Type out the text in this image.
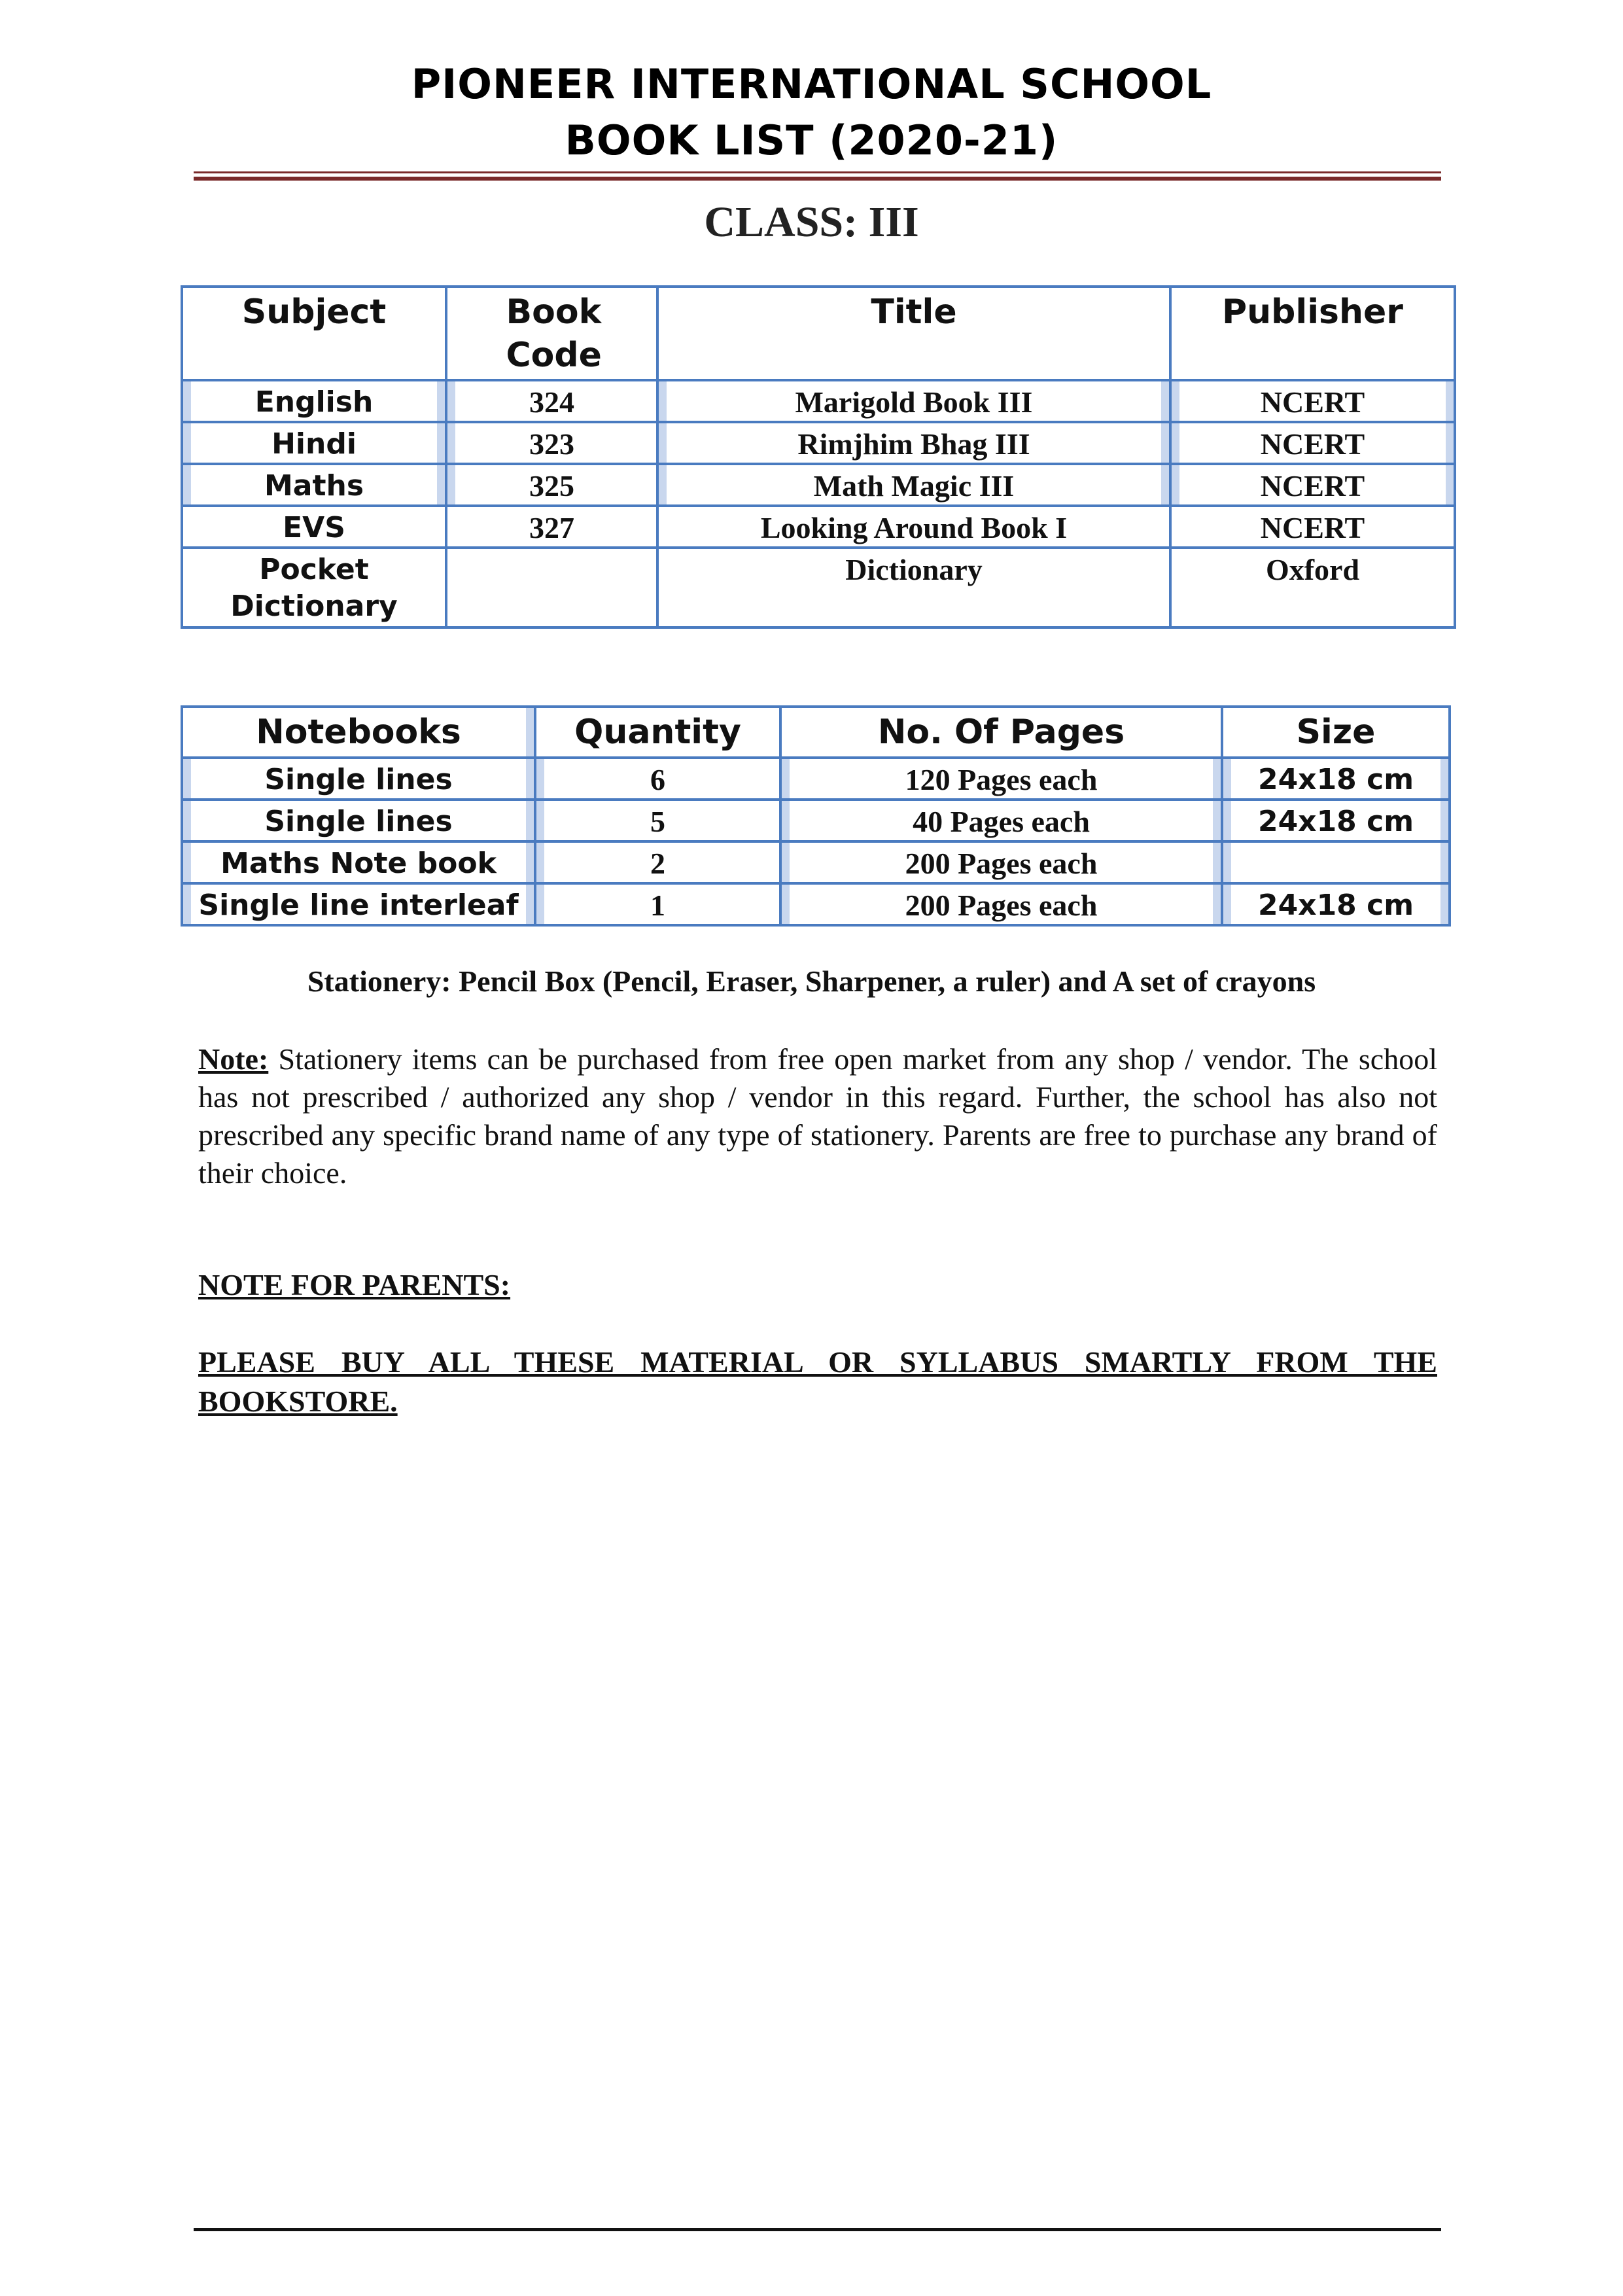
PIONEER INTERNATIONAL SCHOOL
BOOK LIST (2020-21)
CLASS: III
Subject	Book Code	Title	Publisher
English	324	Marigold Book III	NCERT
Hindi	323	Rimjhim Bhag III	NCERT
Maths	325	Math Magic III	NCERT
EVS	327	Looking Around Book I	NCERT

Pocket Dictionary		Dictionary	Oxford
Notebooks	Quantity	No. Of Pages	Size
Single lines	6	120 Pages each	24x18 cm
Single lines	5	40 Pages each	24x18 cm
Maths Note book	2	200 Pages each	
Single line interleaf	1	200 Pages each	24x18 cm
Stationery: Pencil Box (Pencil, Eraser, Sharpener, a ruler) and A set of crayons
Note: Stationery items can be purchased from free open market from any shop / vendor. The school has not prescribed / authorized any shop / vendor in this regard. Further, the school has also not prescribed any specific brand name of any type of stationery. Parents are free to purchase any brand of their choice.
NOTE FOR PARENTS:
PLEASE BUY ALL THESE MATERIAL OR SYLLABUS SMARTLY FROM THE BOOKSTORE.
